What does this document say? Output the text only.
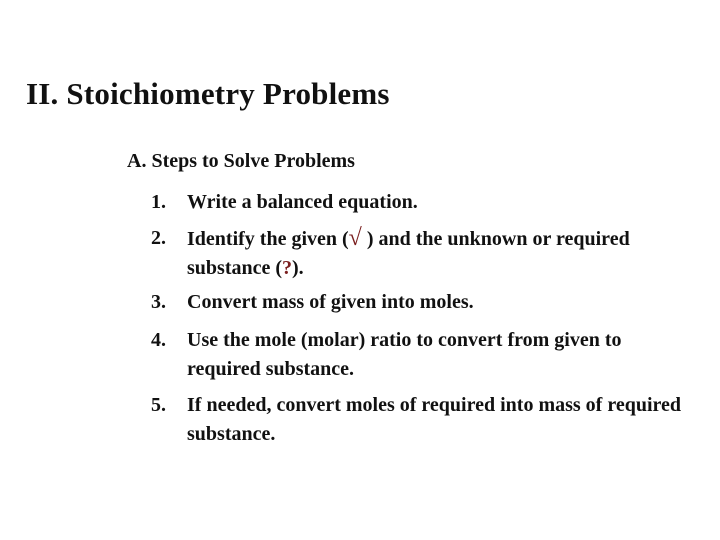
II. Stoichiometry Problems
A. Steps to Solve Problems
1.	Write a balanced equation.
2.	Identify the given (√ ) and the unknown or required substance (?).
3.	Convert mass of given into moles.
4.	Use the mole (molar) ratio to convert from given to required substance.
5.	If needed, convert moles of required into mass of required substance.
